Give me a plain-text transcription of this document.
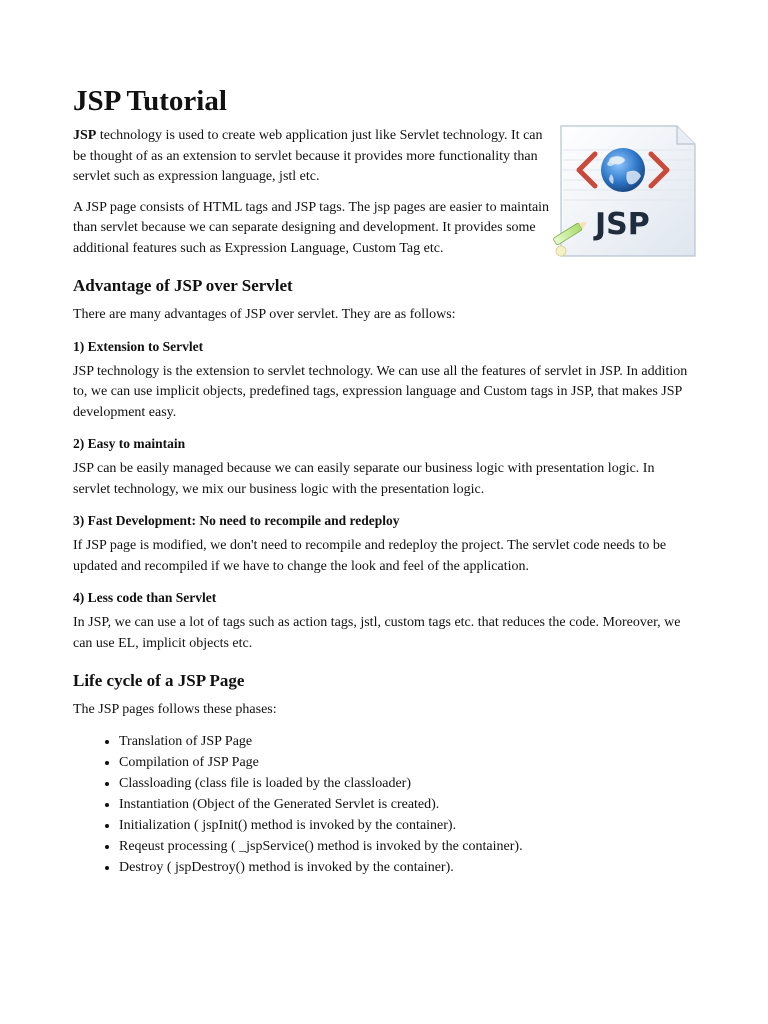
JSP
JSP Tutorial

JSP technology is used to create web application just like Servlet technology. It can be thought of as an extension to servlet because it provides more functionality than servlet such as expression language, jstl etc.

A JSP page consists of HTML tags and JSP tags. The jsp pages are easier to maintain than servlet because we can separate designing and development. It provides some additional features such as Expression Language, Custom Tag etc.

Advantage of JSP over Servlet

There are many advantages of JSP over servlet. They are as follows:

1) Extension to Servlet

JSP technology is the extension to servlet technology. We can use all the features of servlet in JSP. In addition to, we can use implicit objects, predefined tags, expression language and Custom tags in JSP, that makes JSP development easy.

2) Easy to maintain

JSP can be easily managed because we can easily separate our business logic with presentation logic. In servlet technology, we mix our business logic with the presentation logic.

3) Fast Development: No need to recompile and redeploy

If JSP page is modified, we don't need to recompile and redeploy the project. The servlet code needs to be updated and recompiled if we have to change the look and feel of the application.

4) Less code than Servlet

In JSP, we can use a lot of tags such as action tags, jstl, custom tags etc. that reduces the code. Moreover, we can use EL, implicit objects etc.

Life cycle of a JSP Page

The JSP pages follows these phases:

• Translation of JSP Page
• Compilation of JSP Page
• Classloading (class file is loaded by the classloader)
• Instantiation (Object of the Generated Servlet is created).
• Initialization ( jspInit() method is invoked by the container).
• Reqeust processing ( _jspService() method is invoked by the container).
• Destroy ( jspDestroy() method is invoked by the container).
